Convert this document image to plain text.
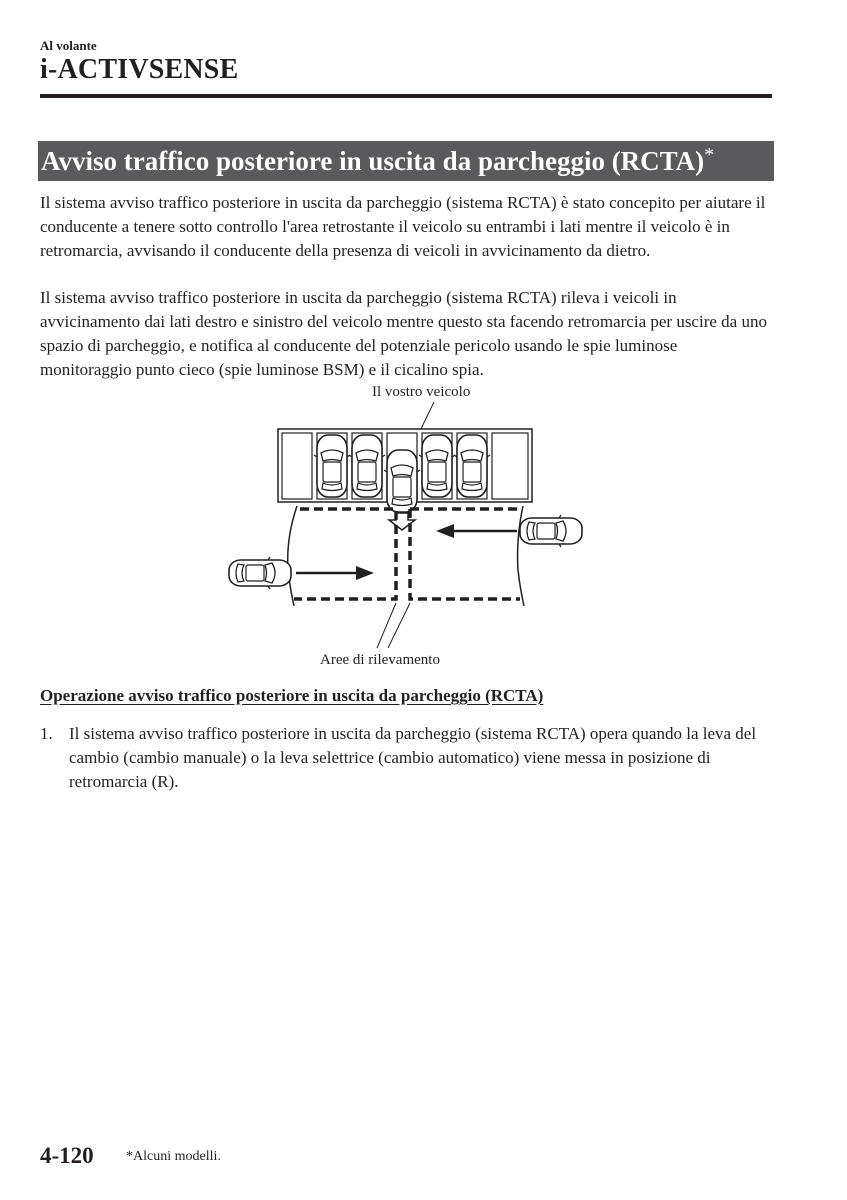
Al volante
i-ACTIVSENSE
Avviso traffico posteriore in uscita da parcheggio (RCTA)*

Il sistema avviso traffico posteriore in uscita da parcheggio (sistema RCTA) è stato concepito per aiutare il conducente a tenere sotto controllo l'area retrostante il veicolo su entrambi i lati mentre il veicolo è in retromarcia, avvisando il conducente della presenza di veicoli in avvicinamento da dietro.

Il sistema avviso traffico posteriore in uscita da parcheggio (sistema RCTA) rileva i veicoli in avvicinamento dai lati destro e sinistro del veicolo mentre questo sta facendo retromarcia per uscire da uno spazio di parcheggio, e notifica al conducente del potenziale pericolo usando le spie luminose monitoraggio punto cieco (spie luminose BSM) e il cicalino spia.

Il vostro veicolo
Aree di rilevamento
Operazione avviso traffico posteriore in uscita da parcheggio (RCTA)
1. Il sistema avviso traffico posteriore in uscita da parcheggio (sistema RCTA) opera quando la leva del cambio (cambio manuale) o la leva selettrice (cambio automatico) viene messa in posizione di retromarcia (R).
4-120 *Alcuni modelli.
